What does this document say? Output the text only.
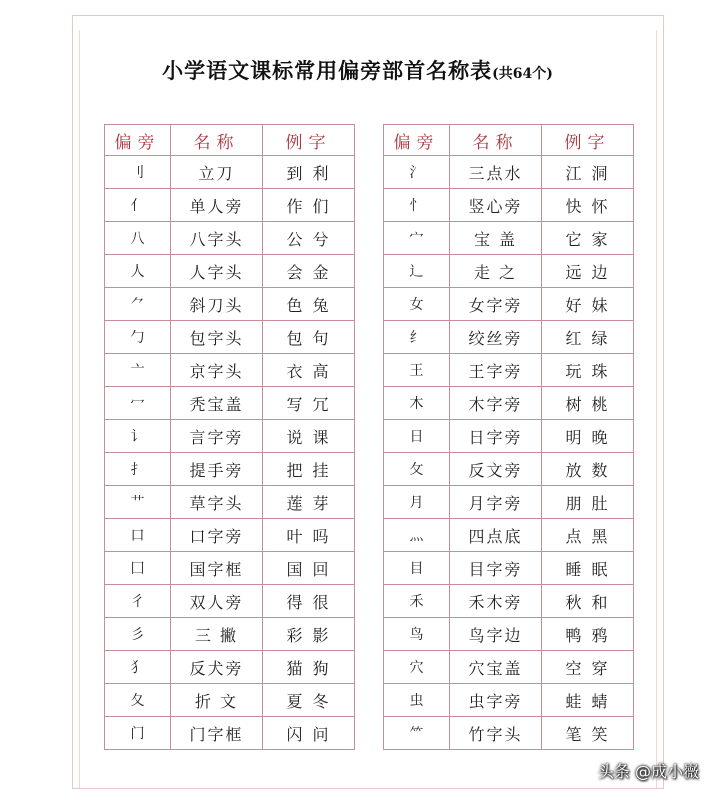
小学语文课标常用偏旁部首名称表(共64个)
偏旁	名称	例字
刂	立刀	到利
亻	单人旁	作们
八	八字头	公兮
人	人字头	会金
⺈	斜刀头	色兔
勹	包字头	包句
亠	京字头	衣高
冖	秃宝盖	写冗
讠	言字旁	说课
扌	提手旁	把挂
艹	草字头	莲芽
口	口字旁	叶吗
囗	国字框	国回
彳	双人旁	得很
彡	三 撇	彩影
犭	反犬旁	猫狗
夂	折 文	夏冬
门	门字框	闪问
偏旁	名称	例字
氵	三点水	江洞
忄	竖心旁	快怀
宀	宝 盖	它家
辶	走 之	远边
女	女字旁	好妹
纟	绞丝旁	红绿
王	王字旁	玩珠
木	木字旁	树桃
日	日字旁	明晚
攵	反文旁	放数
月	月字旁	朋肚
灬	四点底	点黑
目	目字旁	睡眠
禾	禾木旁	秋和
鸟	鸟字边	鸭鸦
穴	穴宝盖	空穿
虫	虫字旁	蛙蜻
⺮	竹字头	笔笑
头条 @成小嶶
